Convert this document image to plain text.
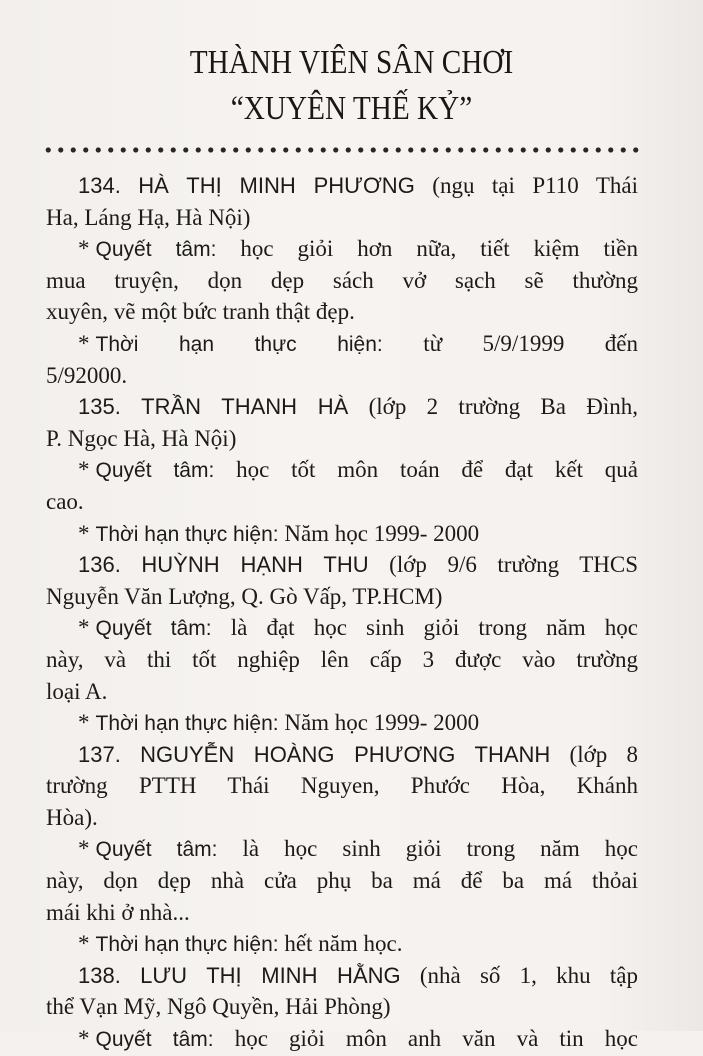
THÀNH VIÊN SÂN CHƠI
“XUYÊN THẾ KỶ”
134. HÀ THỊ MINH PHƯƠNG (ngụ tại P110 Thái
Ha, Láng Hạ, Hà Nội)
* Quyết tâm: học giỏi hơn nữa, tiết kiệm tiền
mua truyện, dọn dẹp sách vở sạch sẽ thường
xuyên, vẽ một bức tranh thật đẹp.
* Thời hạn thực hiện: từ 5/9/1999 đến
5/92000.
135. TRẦN THANH HÀ (lớp 2 trường Ba Đình,
P. Ngọc Hà, Hà Nội)
* Quyết tâm: học tốt môn toán để đạt kết quả
cao.
* Thời hạn thực hiện: Năm học 1999- 2000
136. HUỲNH HẠNH THU (lớp 9/6 trường THCS
Nguyễn Văn Lượng, Q. Gò Vấp, TP.HCM)
* Quyết tâm: là đạt học sinh giỏi trong năm học
này, và thi tốt nghiệp lên cấp 3 được vào trường
loại A.
* Thời hạn thực hiện: Năm học 1999- 2000
137. NGUYỄN HOÀNG PHƯƠNG THANH (lớp 8
trường PTTH Thái Nguyen, Phước Hòa, Khánh
Hòa).
* Quyết tâm: là học sinh giỏi trong năm học
này, dọn dẹp nhà cửa phụ ba má để ba má thỏai
mái khi ở nhà...
* Thời hạn thực hiện: hết năm học.
138. LƯU THỊ MINH HẰNG (nhà số 1, khu tập
thể Vạn Mỹ, Ngô Quyền, Hải Phòng)
* Quyết tâm: học giỏi môn anh văn và tin học
